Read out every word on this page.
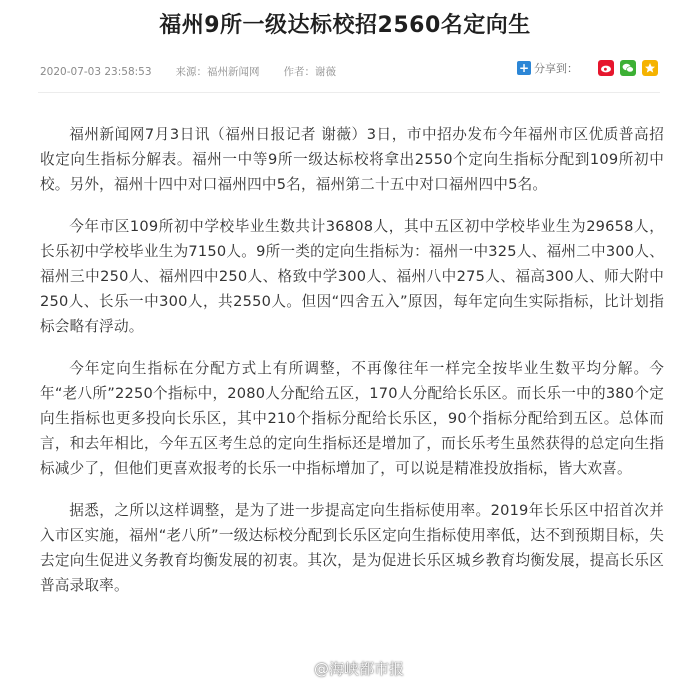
福州9所一级达标校招2560名定向生
2020-07-03 23:58:53 来源：福州新闻网 作者：谢薇	+ 分享到：

福州新闻网7月3日讯（福州日报记者 谢薇）3日，市中招办发布今年福州市区优质普高招收定向生指标分解表。福州一中等9所一级达标校将拿出2550个定向生指标分配到109所初中校。另外，福州十四中对口福州四中5名，福州第二十五中对口福州四中5名。

今年市区109所初中学校毕业生数共计36808人，其中五区初中学校毕业生为29658人，长乐初中学校毕业生为7150人。9所一类的定向生指标为：福州一中325人、福州二中300人、福州三中250人、福州四中250人、格致中学300人、福州八中275人、福高300人、师大附中250人、长乐一中300人，共2550人。但因“四舍五入”原因，每年定向生实际指标，比计划指标会略有浮动。

今年定向生指标在分配方式上有所调整，不再像往年一样完全按毕业生数平均分解。今年“老八所”2250个指标中，2080人分配给五区，170人分配给长乐区。而长乐一中的380个定向生指标也更多投向长乐区，其中210个指标分配给长乐区，90个指标分配给到五区。总体而言，和去年相比，今年五区考生总的定向生指标还是增加了，而长乐考生虽然获得的总定向生指标减少了，但他们更喜欢报考的长乐一中指标增加了，可以说是精准投放指标，皆大欢喜。

据悉，之所以这样调整，是为了进一步提高定向生指标使用率。2019年长乐区中招首次并入市区实施，福州“老八所”一级达标校分配到长乐区定向生指标使用率低，达不到预期目标，失去定向生促进义务教育均衡发展的初衷。其次，是为促进长乐区城乡教育均衡发展，提高长乐区普高录取率。

@海峡都市报
